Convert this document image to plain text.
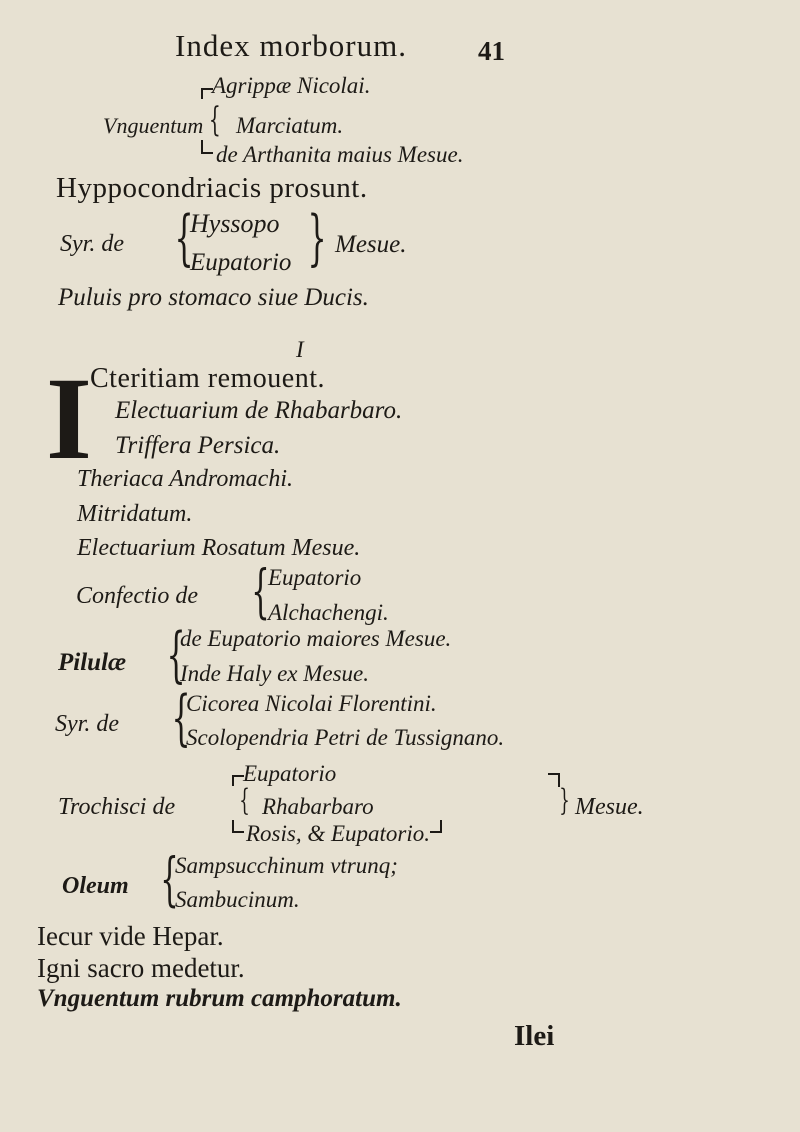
Index morborum.	41
Agrippæ Nicolai.
Vnguentum { Marciatum.
de Arthanita maius Mesue.
Hyppocondriacis prosunt.
Syr. de {
Hyssopo
Eupatorio } Mesue.
Puluis pro stomaco siue Ducis.
I
I
Cteritiam remouent.
Electuarium de Rhabarbaro.
Triffera Persica.
Theriaca Andromachi.
Mitridatum.
Electuarium Rosatum Mesue.
Confectio de {
Eupatorio
Alchachengi.
Pilulæ {
de Eupatorio maiores Mesue.
Inde Haly ex Mesue.
Syr. de {
Cicorea Nicolai Florentini.
Scolopendria Petri de Tussignano.
Eupatorio
Trochisci de { Rhabarbaro	} Mesue.
Rosis, & Eupatorio.
Oleum {
Sampsucchinum vtrunq;
Sambucinum.
Iecur vide Hepar.
Igni sacro medetur.
Vnguentum rubrum camphoratum.
Ilei
